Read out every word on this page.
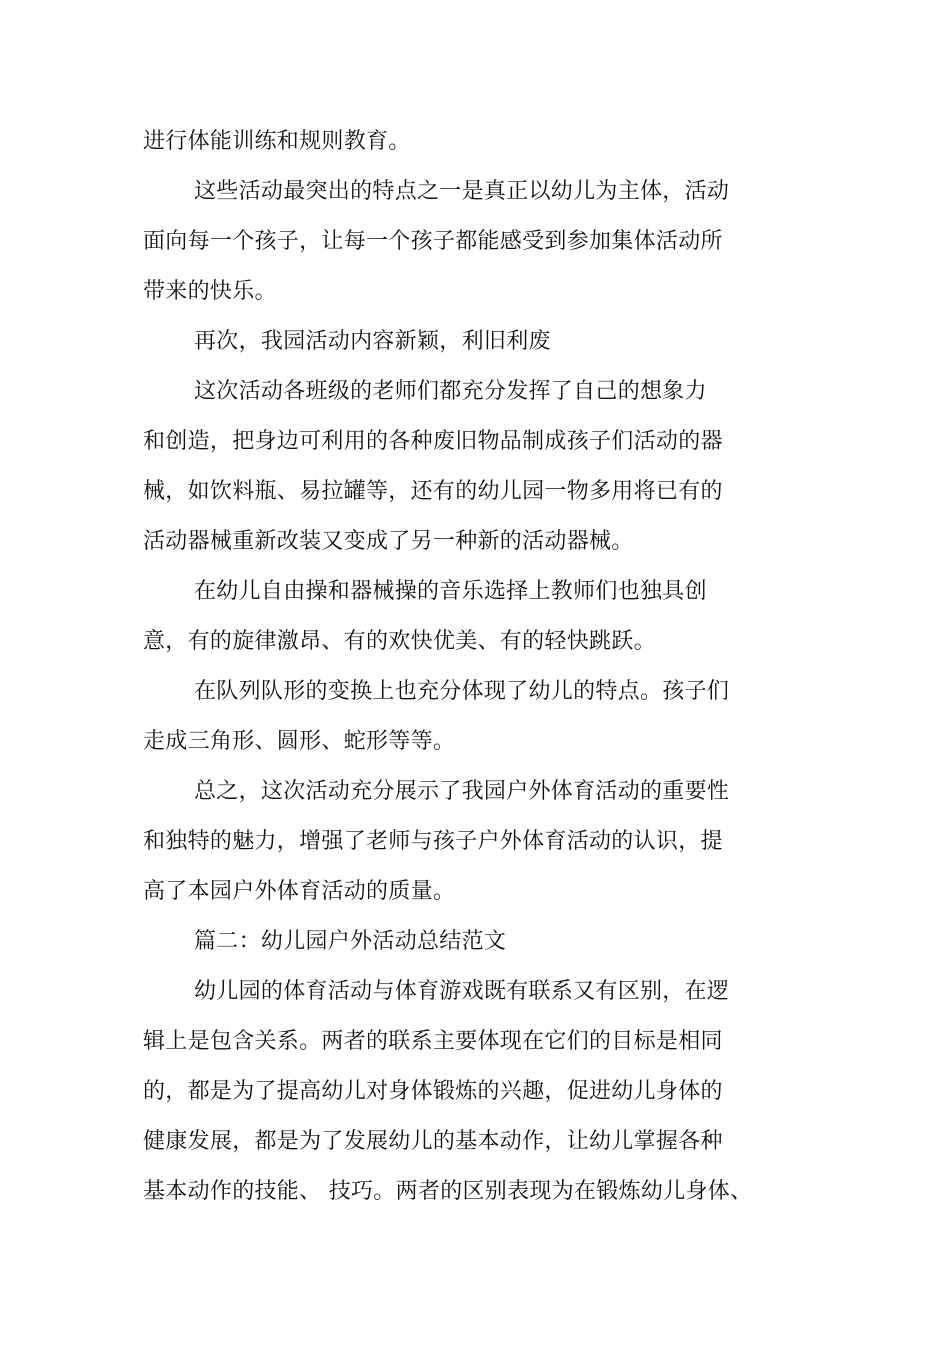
进行体能训练和规则教育。
这些活动最突出的特点之一是真正以幼儿为主体，活动
面向每一个孩子，让每一个孩子都能感受到参加集体活动所
带来的快乐。
再次，我园活动内容新颖，利旧利废
这次活动各班级的老师们都充分发挥了自己的想象力
和创造，把身边可利用的各种废旧物品制成孩子们活动的器
械，如饮料瓶、易拉罐等，还有的幼儿园一物多用将已有的
活动器械重新改装又变成了另一种新的活动器械。
在幼儿自由操和器械操的音乐选择上教师们也独具创
意，有的旋律激昂、有的欢快优美、有的轻快跳跃。
在队列队形的变换上也充分体现了幼儿的特点。孩子们
走成三角形、圆形、蛇形等等。
总之，这次活动充分展示了我园户外体育活动的重要性
和独特的魅力，增强了老师与孩子户外体育活动的认识，提
高了本园户外体育活动的质量。
篇二：幼儿园户外活动总结范文
幼儿园的体育活动与体育游戏既有联系又有区别，在逻
辑上是包含关系。两者的联系主要体现在它们的目标是相同
的，都是为了提高幼儿对身体锻炼的兴趣，促进幼儿身体的
健康发展，都是为了发展幼儿的基本动作，让幼儿掌握各种
基本动作的技能、 技巧。两者的区别表现为在锻炼幼儿身体、
